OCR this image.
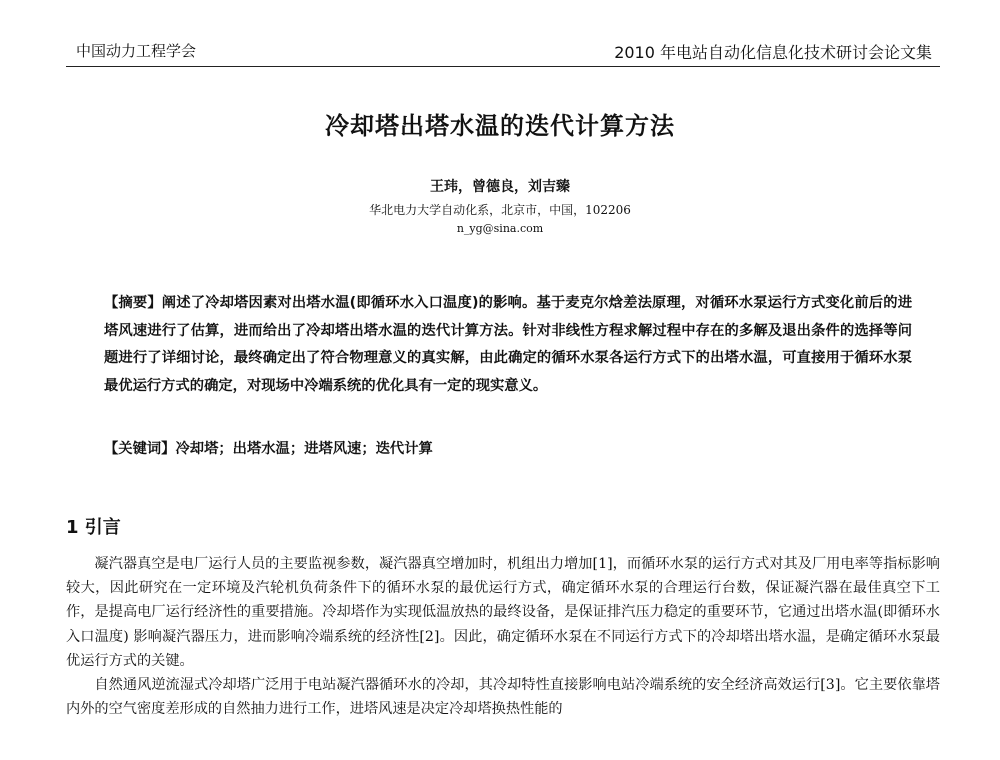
中国动力工程学会	2010 年电站自动化信息化技术研讨会论文集
冷却塔出塔水温的迭代计算方法
王玮，曾德良，刘吉臻
华北电力大学自动化系，北京市，中国，102206
n_yg@sina.com

【摘要】阐述了冷却塔因素对出塔水温(即循环水入口温度)的影响。基于麦克尔焓差法原理，对循环水泵运行方式变化前后的进塔风速进行了估算，进而给出了冷却塔出塔水温的迭代计算方法。针对非线性方程求解过程中存在的多解及退出条件的选择等问题进行了详细讨论，最终确定出了符合物理意义的真实解，由此确定的循环水泵各运行方式下的出塔水温，可直接用于循环水泵最优运行方式的确定，对现场中冷端系统的优化具有一定的现实意义。

【关键词】冷却塔；出塔水温；进塔风速；迭代计算
1 引言

凝汽器真空是电厂运行人员的主要监视参数，凝汽器真空增加时，机组出力增加[1]，而循环水泵的运行方式对其及厂用电率等指标影响较大，因此研究在一定环境及汽轮机负荷条件下的循环水泵的最优运行方式，确定循环水泵的合理运行台数，保证凝汽器在最佳真空下工作，是提高电厂运行经济性的重要措施。冷却塔作为实现低温放热的最终设备，是保证排汽压力稳定的重要环节，它通过出塔水温(即循环水入口温度) 影响凝汽器压力，进而影响冷端系统的经济性[2]。因此，确定循环水泵在不同运行方式下的冷却塔出塔水温，是确定循环水泵最优运行方式的关键。

自然通风逆流湿式冷却塔广泛用于电站凝汽器循环水的冷却，其冷却特性直接影响电站冷端系统的安全经济高效运行[3]。它主要依靠塔内外的空气密度差形成的自然抽力进行工作，进塔风速是决定冷却塔换热性能的
